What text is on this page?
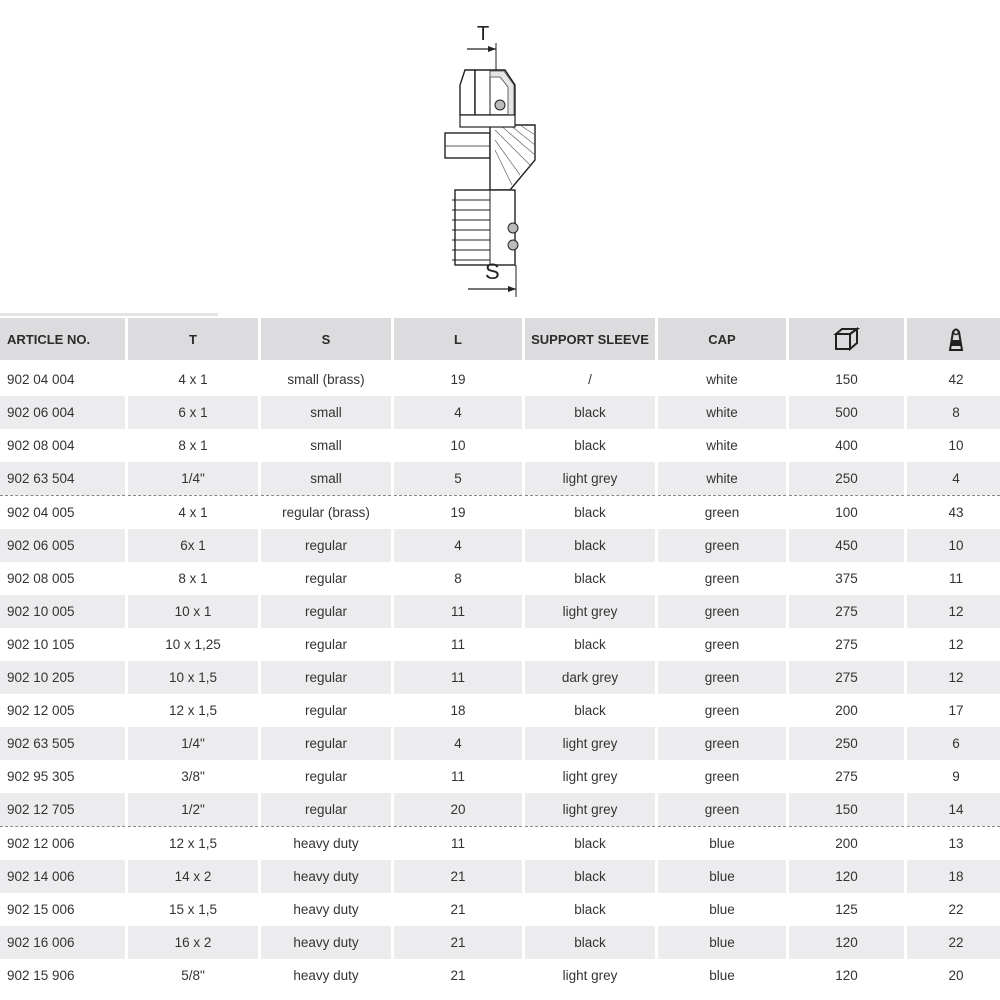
T
S
ARTICLE NO.	T	S	L	SUPPORT SLEEVE	CAP		
902 04 004	4 x 1	small (brass)	19	/	white	150	42
902 06 004	6 x 1	small	4	black	white	500	8
902 08 004	8 x 1	small	10	black	white	400	10
902 63 504	1/4"	small	5	light grey	white	250	4
902 04 005	4 x 1	regular (brass)	19	black	green	100	43
902 06 005	6x 1	regular	4	black	green	450	10
902 08 005	8 x 1	regular	8	black	green	375	11
902 10 005	10 x 1	regular	11	light grey	green	275	12
902 10 105	10 x 1,25	regular	11	black	green	275	12
902 10 205	10 x 1,5	regular	11	dark grey	green	275	12
902 12 005	12 x 1,5	regular	18	black	green	200	17
902 63 505	1/4"	regular	4	light grey	green	250	6
902 95 305	3/8"	regular	11	light grey	green	275	9
902 12 705	1/2"	regular	20	light grey	green	150	14
902 12 006	12 x 1,5	heavy duty	11	black	blue	200	13
902 14 006	14 x 2	heavy duty	21	black	blue	120	18
902 15 006	15 x 1,5	heavy duty	21	black	blue	125	22
902 16 006	16 x 2	heavy duty	21	black	blue	120	22
902 15 906	5/8"	heavy duty	21	light grey	blue	120	20
